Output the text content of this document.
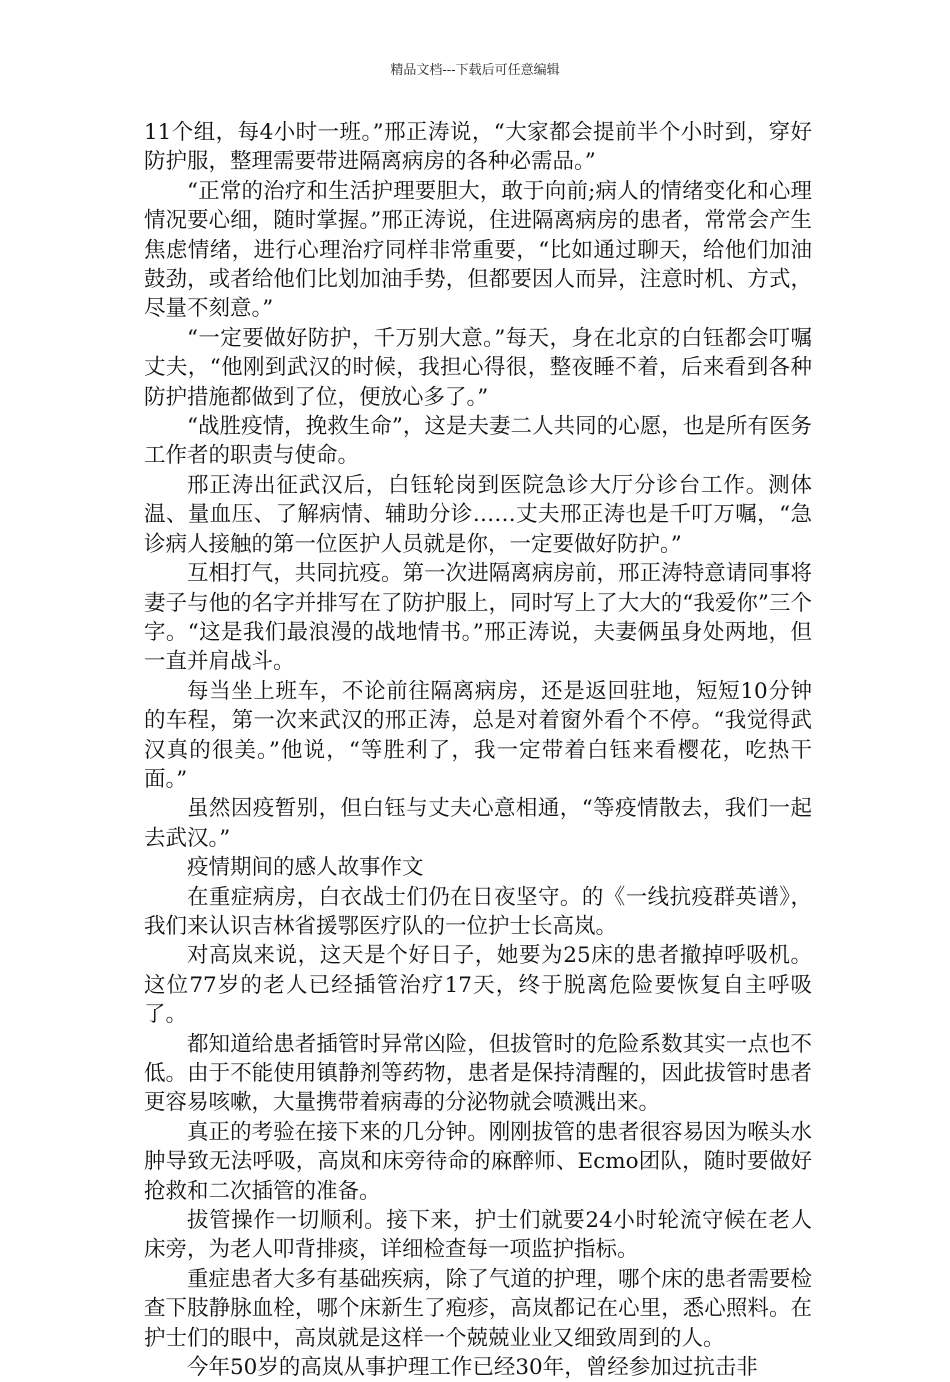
精品文档---下载后可任意编辑

11个组，每4小时一班。”邢正涛说，“大家都会提前半个小时到，穿好防护服，整理需要带进隔离病房的各种必需品。”

“正常的治疗和生活护理要胆大，敢于向前;病人的情绪变化和心理情况要心细，随时掌握。”邢正涛说，住进隔离病房的患者，常常会产生焦虑情绪，进行心理治疗同样非常重要，“比如通过聊天，给他们加油鼓劲，或者给他们比划加油手势，但都要因人而异，注意时机、方式，尽量不刻意。”

“一定要做好防护，千万别大意。”每天，身在北京的白钰都会叮嘱丈夫，“他刚到武汉的时候，我担心得很，整夜睡不着，后来看到各种防护措施都做到了位，便放心多了。”

“战胜疫情，挽救生命”，这是夫妻二人共同的心愿，也是所有医务工作者的职责与使命。

邢正涛出征武汉后，白钰轮岗到医院急诊大厅分诊台工作。测体温、量血压、了解病情、辅助分诊……丈夫邢正涛也是千叮万嘱，“急诊病人接触的第一位医护人员就是你，一定要做好防护。”

互相打气，共同抗疫。第一次进隔离病房前，邢正涛特意请同事将妻子与他的名字并排写在了防护服上，同时写上了大大的“我爱你”三个字。“这是我们最浪漫的战地情书。”邢正涛说，夫妻俩虽身处两地，但一直并肩战斗。

每当坐上班车，不论前往隔离病房，还是返回驻地，短短10分钟的车程，第一次来武汉的邢正涛，总是对着窗外看个不停。“我觉得武汉真的很美。”他说，“等胜利了，我一定带着白钰来看樱花，吃热干面。”

虽然因疫暂别，但白钰与丈夫心意相通，“等疫情散去，我们一起去武汉。”

疫情期间的感人故事作文

在重症病房，白衣战士们仍在日夜坚守。的《一线抗疫群英谱》，我们来认识吉林省援鄂医疗队的一位护士长高岚。

对高岚来说，这天是个好日子，她要为25床的患者撤掉呼吸机。这位77岁的老人已经插管治疗17天，终于脱离危险要恢复自主呼吸了。

都知道给患者插管时异常凶险，但拔管时的危险系数其实一点也不低。由于不能使用镇静剂等药物，患者是保持清醒的，因此拔管时患者更容易咳嗽，大量携带着病毒的分泌物就会喷溅出来。

真正的考验在接下来的几分钟。刚刚拔管的患者很容易因为喉头水肿导致无法呼吸，高岚和床旁待命的麻醉师、Ecmo团队，随时要做好抢救和二次插管的准备。

拔管操作一切顺利。接下来，护士们就要24小时轮流守候在老人床旁，为老人叩背排痰，详细检查每一项监护指标。

重症患者大多有基础疾病，除了气道的护理，哪个床的患者需要检查下肢静脉血栓，哪个床新生了疱疹，高岚都记在心里，悉心照料。在护士们的眼中，高岚就是这样一个兢兢业业又细致周到的人。

今年50岁的高岚从事护理工作已经30年，曾经参加过抗击非
